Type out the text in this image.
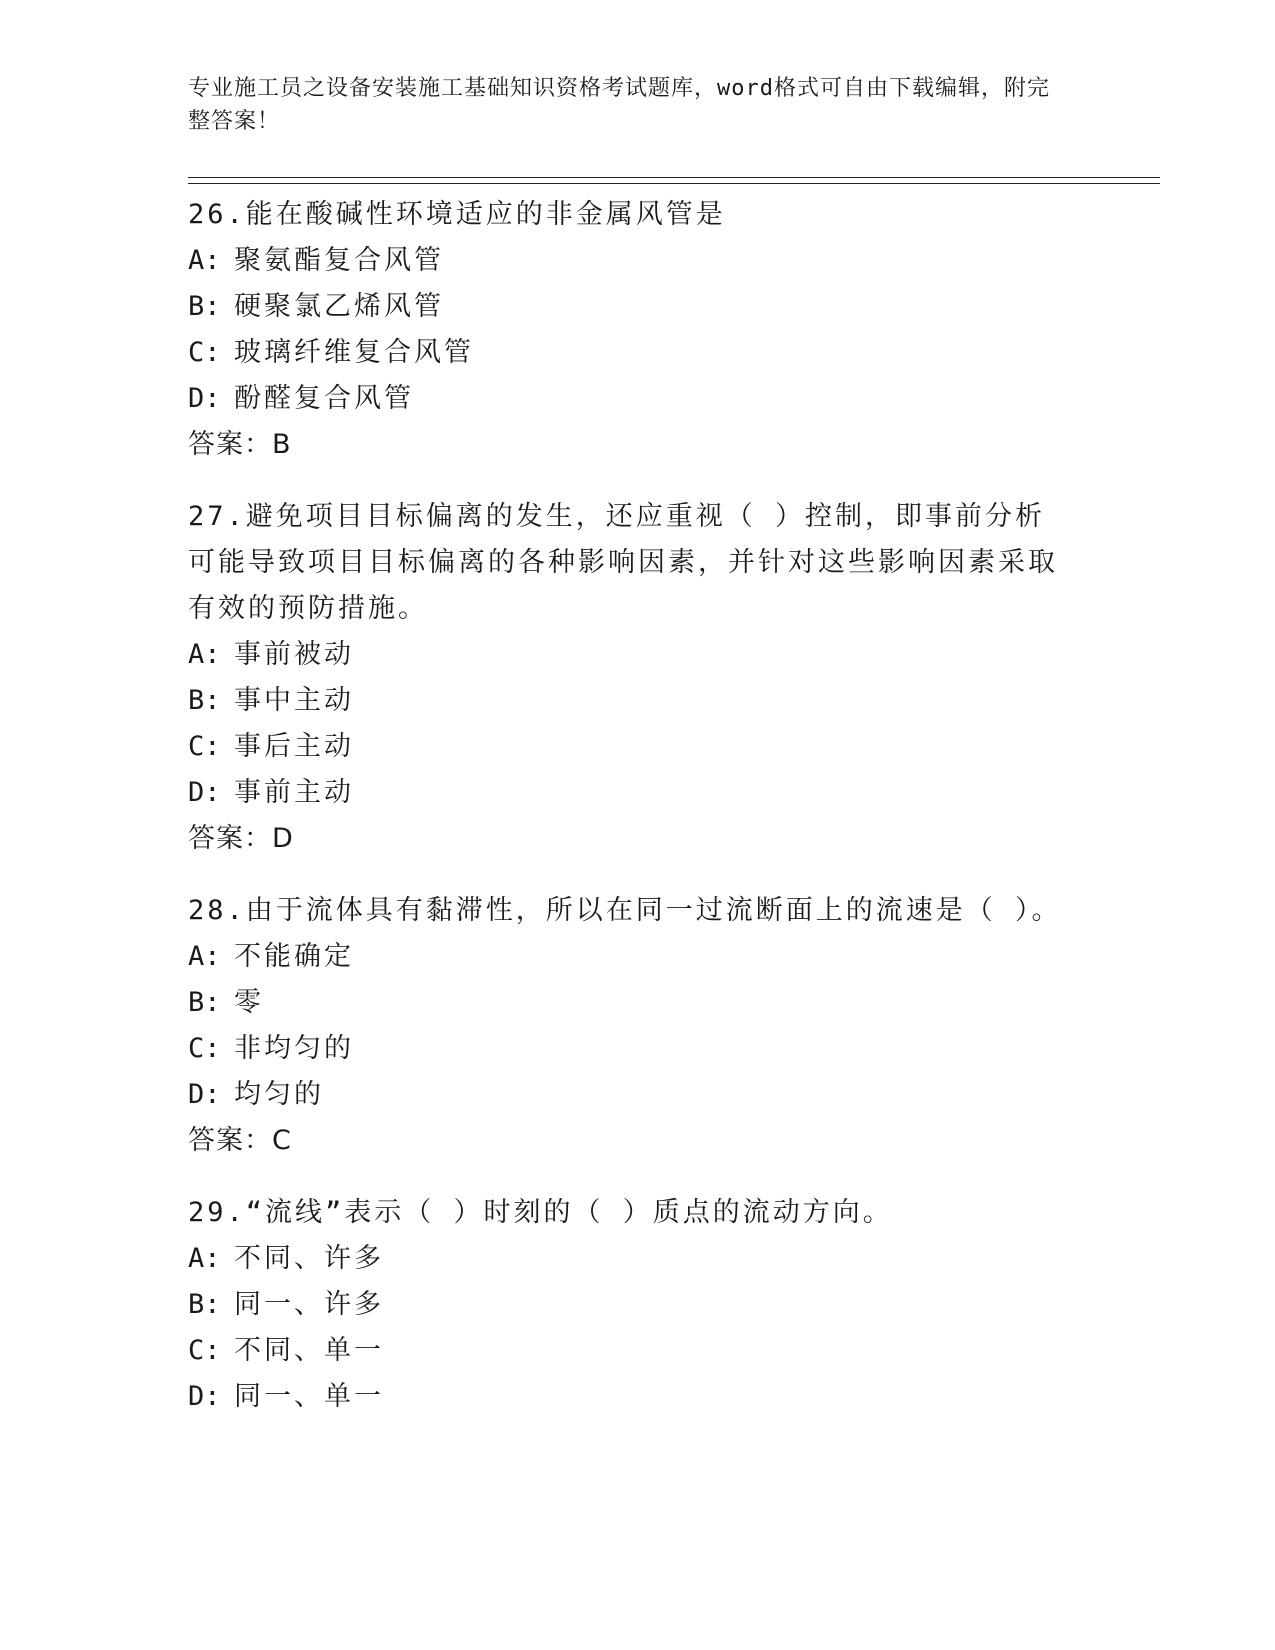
专业施工员之设备安装施工基础知识资格考试题库，word格式可自由下载编辑，附完整答案！
26.能在酸碱性环境适应的非金属风管是
A: 聚氨酯复合风管
B: 硬聚氯乙烯风管
C: 玻璃纤维复合风管
D: 酚醛复合风管
答案：B
27.避免项目目标偏离的发生，还应重视（ ）控制，即事前分析可能导致项目目标偏离的各种影响因素，并针对这些影响因素采取有效的预防措施。
A: 事前被动
B: 事中主动
C: 事后主动
D: 事前主动
答案：D
28.由于流体具有黏滞性，所以在同一过流断面上的流速是（ ）。
A: 不能确定
B: 零
C: 非均匀的
D: 均匀的
答案：C
29.“流线”表示（ ）时刻的（ ）质点的流动方向。
A: 不同、许多
B: 同一、许多
C: 不同、单一
D: 同一、单一
